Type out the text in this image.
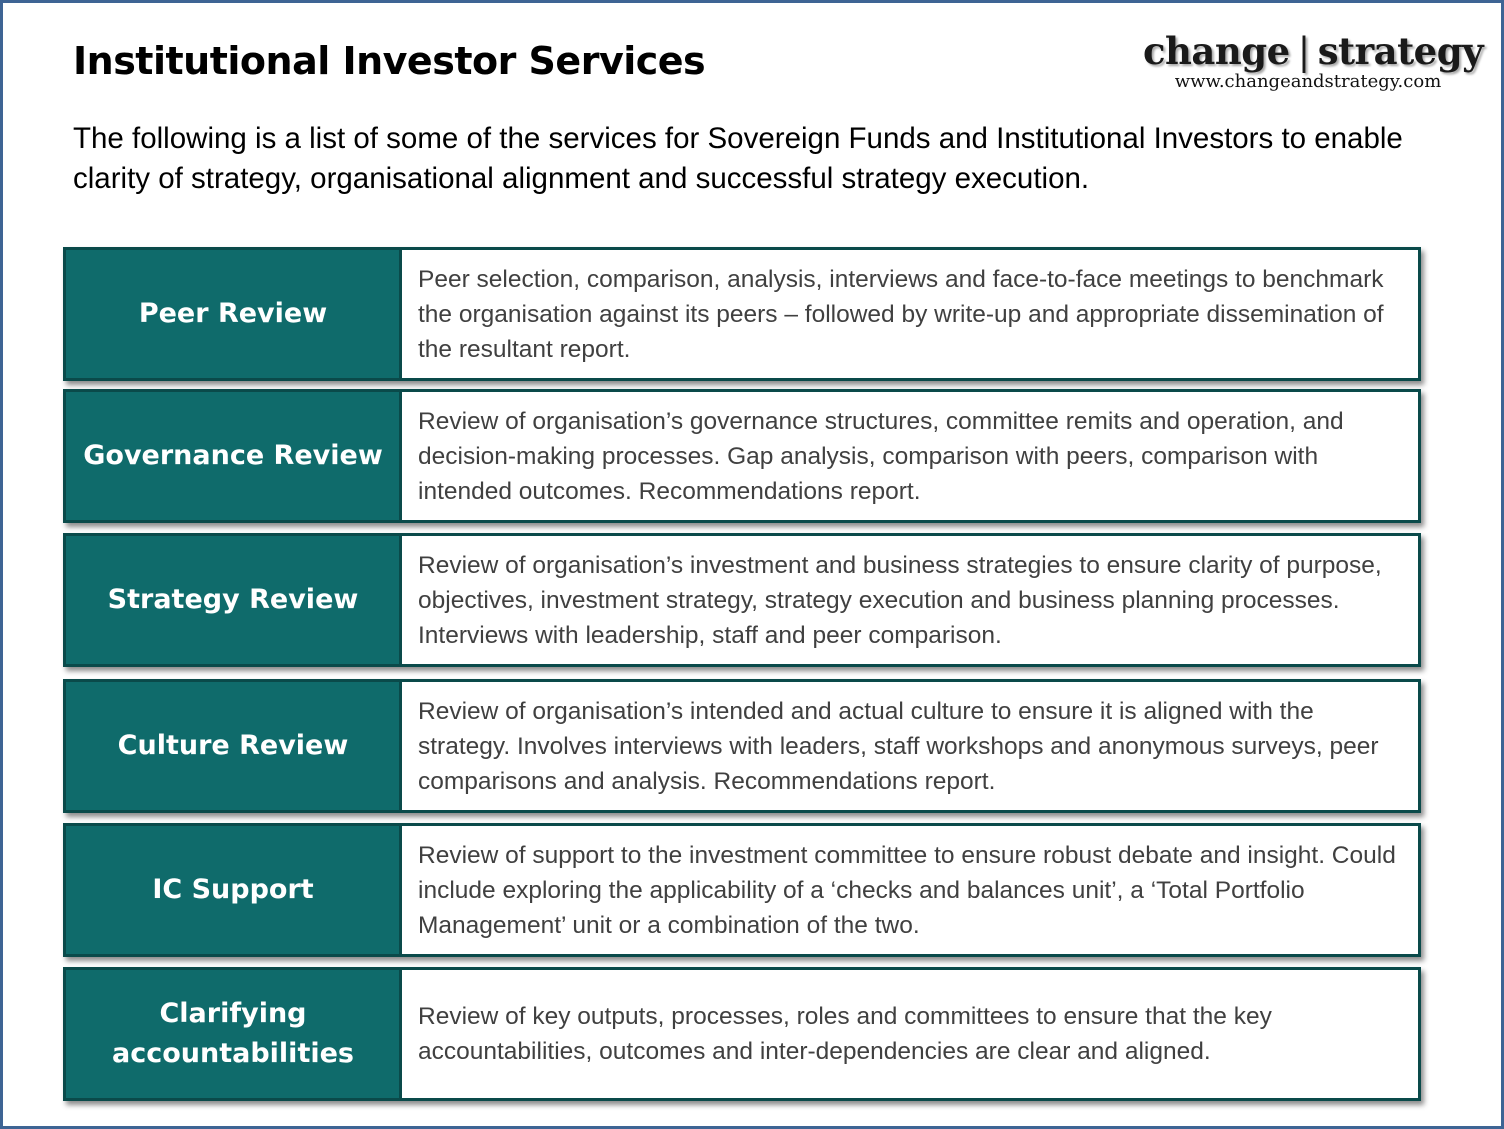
Institutional Investor Services	change | strategy
www.changeandstrategy.com
The following is a list of some of the services for Sovereign Funds and Institutional Investors to enable clarity of strategy, organisational alignment and successful strategy execution.
Peer Review
Peer selection, comparison, analysis, interviews and face-to-face meetings to benchmark the organisation against its peers – followed by write-up and appropriate dissemination of the resultant report.
Governance Review
Review of organisation’s governance structures, committee remits and operation, and decision-making processes. Gap analysis, comparison with peers, comparison with intended outcomes. Recommendations report.
Strategy Review
Review of organisation’s investment and business strategies to ensure clarity of purpose, objectives, investment strategy, strategy execution and business planning processes. Interviews with leadership, staff and peer comparison.
Culture Review
Review of organisation’s intended and actual culture to ensure it is aligned with the strategy. Involves interviews with leaders, staff workshops and anonymous surveys, peer comparisons and analysis. Recommendations report.
IC Support
Review of support to the investment committee to ensure robust debate and insight. Could include exploring the applicability of a ‘checks and balances unit’, a ‘Total Portfolio Management’ unit or a combination of the two.
Clarifying accountabilities
Review of key outputs, processes, roles and committees to ensure that the key accountabilities, outcomes and inter-dependencies are clear and aligned.
